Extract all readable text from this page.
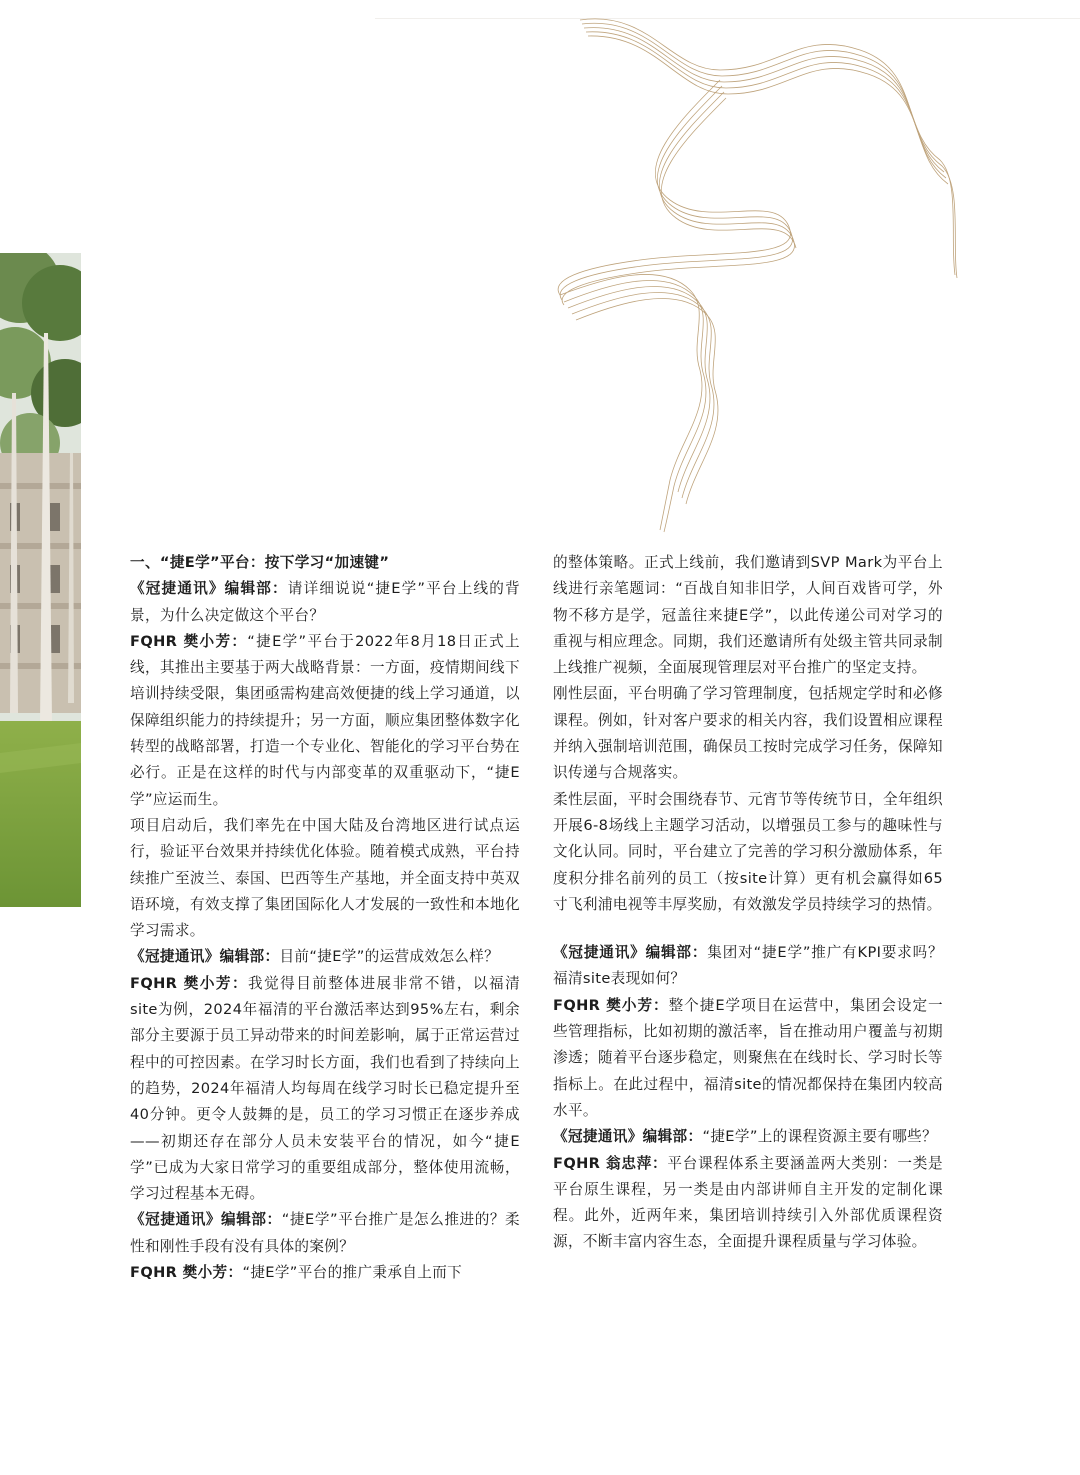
一、“捷E学”平台：按下学习“加速键”

《冠捷通讯》编辑部：请详细说说“捷E学”平台上线的背景，为什么决定做这个平台？

FQHR 樊小芳：“捷E学”平台于2022年8月18日正式上线，其推出主要基于两大战略背景：一方面，疫情期间线下培训持续受限，集团亟需构建高效便捷的线上学习通道，以保障组织能力的持续提升；另一方面，顺应集团整体数字化转型的战略部署，打造一个专业化、智能化的学习平台势在必行。正是在这样的时代与内部变革的双重驱动下，“捷E学”应运而生。

项目启动后，我们率先在中国大陆及台湾地区进行试点运行，验证平台效果并持续优化体验。随着模式成熟，平台持续推广至波兰、泰国、巴西等生产基地，并全面支持中英双语环境，有效支撑了集团国际化人才发展的一致性和本地化学习需求。

《冠捷通讯》编辑部：目前“捷E学”的运营成效怎么样？

FQHR 樊小芳：我觉得目前整体进展非常不错，以福清site为例，2024年福清的平台激活率达到95%左右，剩余部分主要源于员工异动带来的时间差影响，属于正常运营过程中的可控因素。在学习时长方面，我们也看到了持续向上的趋势，2024年福清人均每周在线学习时长已稳定提升至40分钟。更令人鼓舞的是，员工的学习习惯正在逐步养成——初期还存在部分人员未安装平台的情况，如今“捷E学”已成为大家日常学习的重要组成部分，整体使用流畅，学习过程基本无碍。

《冠捷通讯》编辑部：“捷E学”平台推广是怎么推进的？柔性和刚性手段有没有具体的案例？

FQHR 樊小芳：“捷E学”平台的推广秉承自上而下

的整体策略。正式上线前，我们邀请到SVP Mark为平台上线进行亲笔题词：“百战自知非旧学，人间百戏皆可学，外物不移方是学，冠盖往来捷E学”，以此传递公司对学习的重视与相应理念。同期，我们还邀请所有处级主管共同录制上线推广视频，全面展现管理层对平台推广的坚定支持。

刚性层面，平台明确了学习管理制度，包括规定学时和必修课程。例如，针对客户要求的相关内容，我们设置相应课程并纳入强制培训范围，确保员工按时完成学习任务，保障知识传递与合规落实。

柔性层面，平时会围绕春节、元宵节等传统节日，全年组织开展6-8场线上主题学习活动，以增强员工参与的趣味性与文化认同。同时，平台建立了完善的学习积分激励体系，年度积分排名前列的员工（按site计算）更有机会赢得如65寸飞利浦电视等丰厚奖励，有效激发学员持续学习的热情。

《冠捷通讯》编辑部：集团对“捷E学”推广有KPI要求吗？福清site表现如何？

FQHR 樊小芳：整个捷E学项目在运营中，集团会设定一些管理指标，比如初期的激活率，旨在推动用户覆盖与初期渗透；随着平台逐步稳定，则聚焦在在线时长、学习时长等指标上。在此过程中，福清site的情况都保持在集团内较高水平。

《冠捷通讯》编辑部：“捷E学”上的课程资源主要有哪些？

FQHR 翁忠萍：平台课程体系主要涵盖两大类别：一类是平台原生课程，另一类是由内部讲师自主开发的定制化课程。此外，近两年来，集团培训持续引入外部优质课程资源，不断丰富内容生态，全面提升课程质量与学习体验。
